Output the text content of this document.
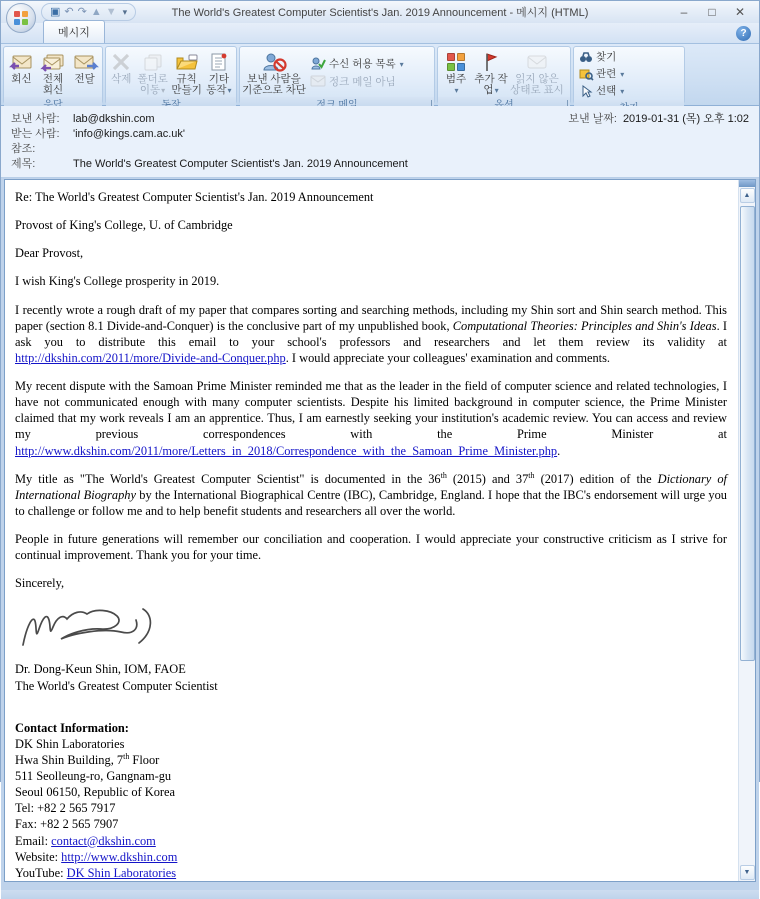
▣ ↶ ↷ ▲ ▼ ▾	The World's Greatest Computer Scientist's Jan. 2019 Announcement - 메시지 (HTML)	–	□ ✕
메시지	?
회신	전체 회신
전달 삭제 폴더로 이동▾
규칙 만들기
기타 동작▾
보낸 사람을 기준으로 차단
수신 허용 목록 ▾
정크 메일 아님	범주
▾
추가 작업▾
읽지 않은 상태로 표시
찾기
관련 ▾
선택 ▾
보낸 사람:	lab@dkshin.com
받는 사람:	'info@kings.cam.ac.uk'
참조:
제목:	The World's Greatest Computer Scientist's Jan. 2019 Announcement
보낸 날짜: 2019-01-31 (목) 오후 1:02

Re: The World's Greatest Computer Scientist's Jan. 2019 Announcement

Provost of King's College, U. of Cambridge

Dear Provost,

I wish King's College prosperity in 2019.

I recently wrote a rough draft of my paper that compares sorting and searching methods, including my Shin sort and Shin search method. This paper (section 8.1 Divide-and-Conquer) is the conclusive part of my unpublished book, Computational Theories: Principles and Shin's Ideas. I ask you to distribute this email to your school's professors and researchers and let them review its validity at http://dkshin.com/2011/more/Divide-and-Conquer.php. I would appreciate your colleagues' examination and comments.

My recent dispute with the Samoan Prime Minister reminded me that as the leader in the field of computer science and related technologies, I have not communicated enough with many computer scientists. Despite his limited background in computer science, the Prime Minister claimed that my work reveals I am an apprentice. Thus, I am earnestly seeking your institution's academic review. You can access and review my previous correspondences with the Prime Minister at http://www.dkshin.com/2011/more/Letters_in_2018/Correspondence_with_the_Samoan_Prime_Minister.php.

My title as "The World's Greatest Computer Scientist" is documented in the 36th (2015) and 37th (2017) edition of the Dictionary of International Biography by the International Biographical Centre (IBC), Cambridge, England. I hope that the IBC's endorsement will urge you to challenge or follow me and to help benefit students and researchers all over the world.

People in future generations will remember our conciliation and cooperation. I would appreciate your constructive criticism as I strive for continual improvement. Thank you for your time.

Sincerely,

Dr. Dong-Keun Shin, IOM, FAOE

The World's Greatest Computer Scientist

Contact Information:

DK Shin Laboratories

Hwa Shin Building, 7th Floor

511 Seolleung-ro, Gangnam-gu

Seoul 06150, Republic of Korea

Tel: +82 2 565 7917

Fax: +82 2 565 7907

Email: contact@dkshin.com

Website: http://www.dkshin.com

YouTube: DK Shin Laboratories

▲
▼
